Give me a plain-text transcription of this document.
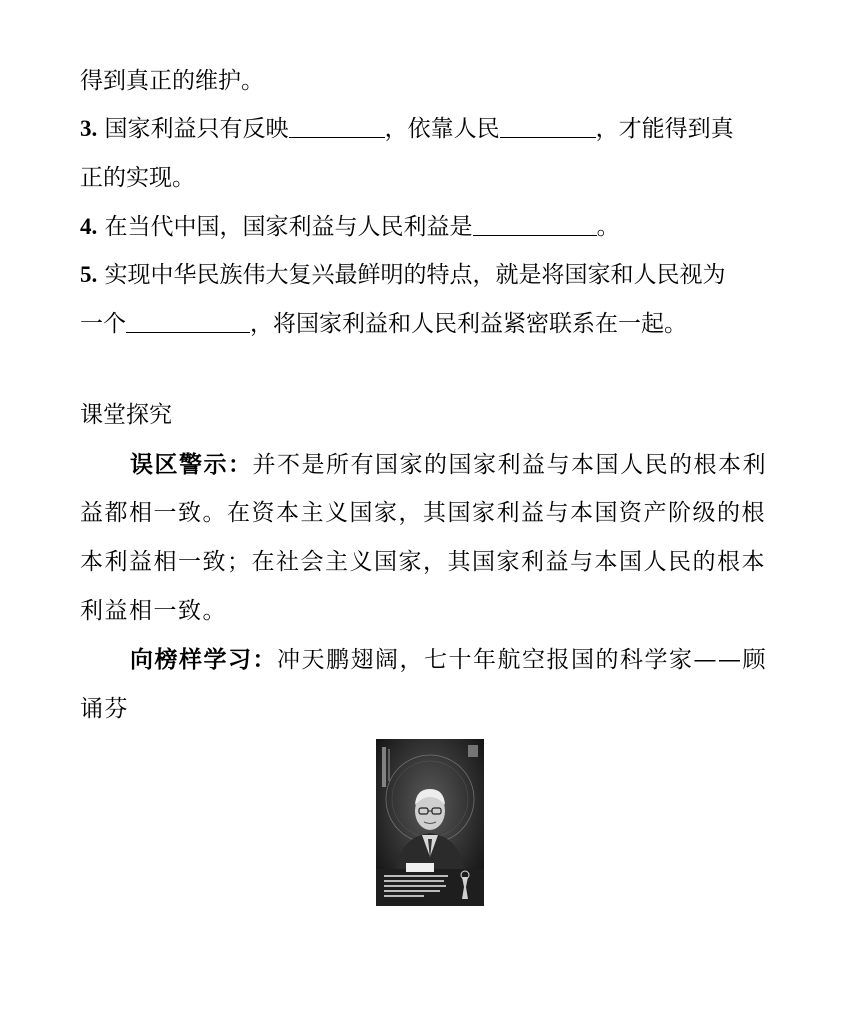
得到真正的维护。
3. 国家利益只有反映	，依靠人民	，才能得到真
正的实现。
4. 在当代中国，国家利益与人民利益是	。
5. 实现中华民族伟大复兴最鲜明的特点，就是将国家和人民视为
一个	，将国家利益和人民利益紧密联系在一起。
课堂探究
误区警示：并不是所有国家的国家利益与本国人民的根本利
益都相一致。在资本主义国家，其国家利益与本国资产阶级的根
本利益相一致；在社会主义国家，其国家利益与本国人民的根本
利益相一致。
向榜样学习：冲天鹏翅阔，七十年航空报国的科学家——顾
诵芬
